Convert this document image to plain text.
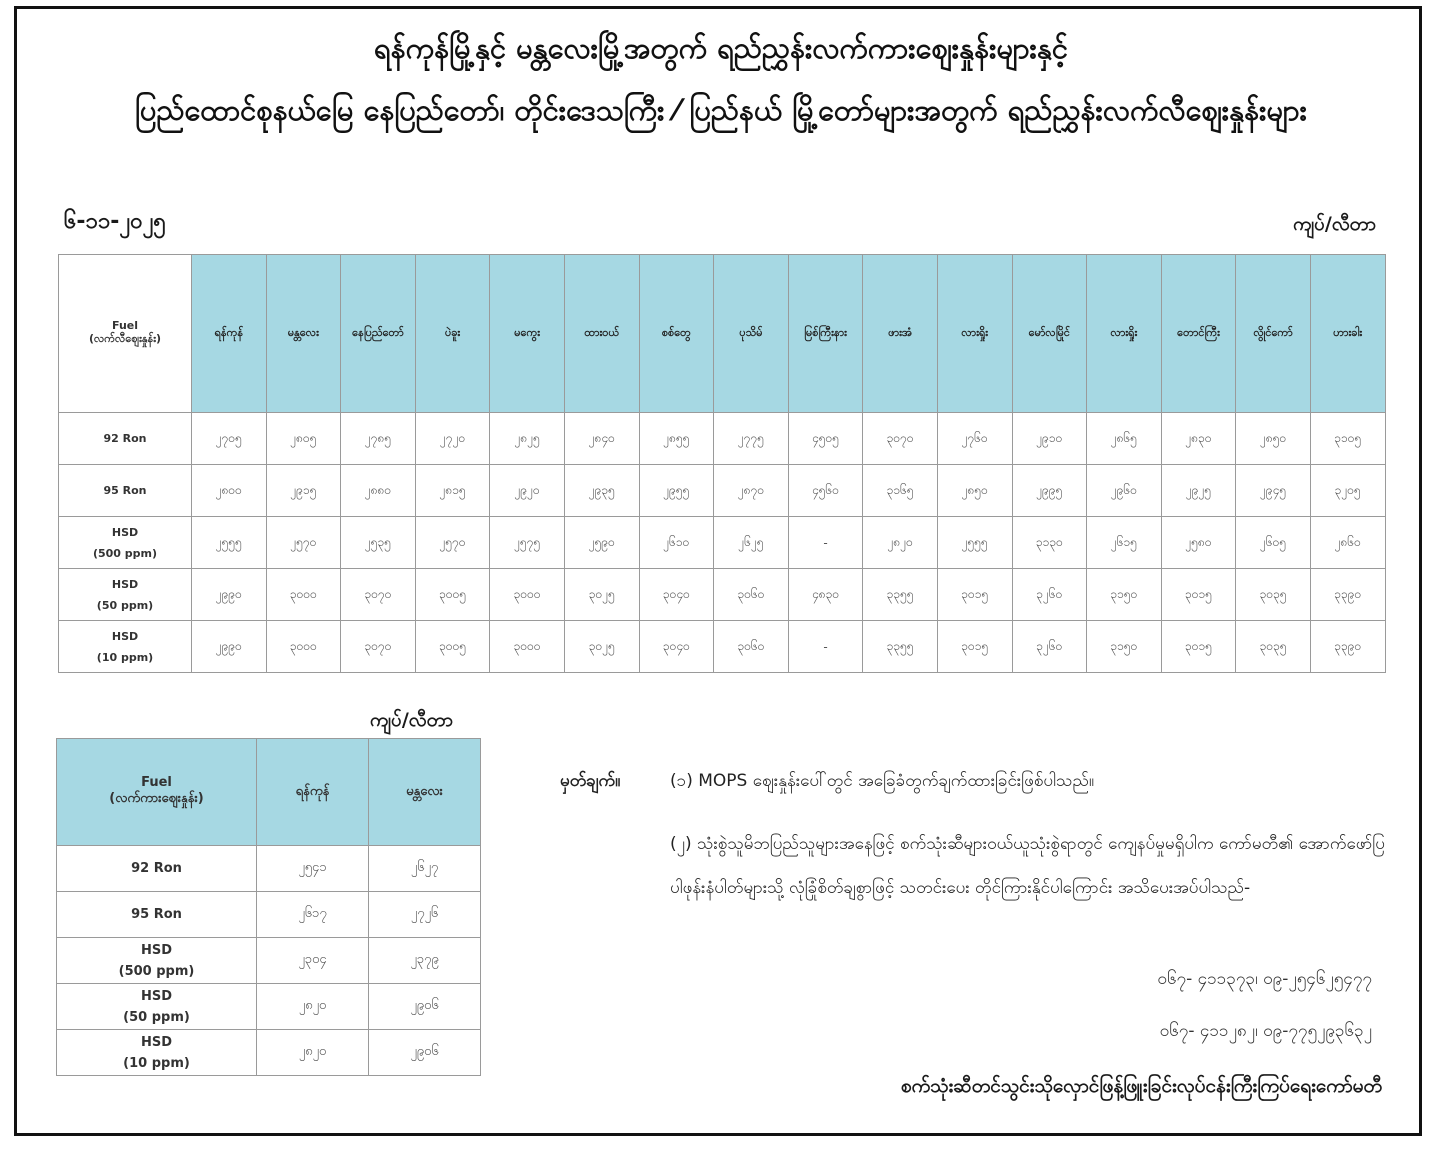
ရန်ကုန်မြို့နှင့် မန္တလေးမြို့အတွက် ရည်ညွှန်းလက်ကားဈေးနှုန်းများနှင့်
ပြည်ထောင်စုနယ်မြေ နေပြည်တော်၊ တိုင်းဒေသကြီး ⁄ ပြည်နယ် မြို့တော်များအတွက် ရည်ညွှန်းလက်လီဈေးနှုန်းများ
၆-၁၁-၂၀၂၅	ကျပ်/လီတာ
Fuel
(လက်လီဈေးနှုန်း)	ရန်ကုန်	မန္တလေး	နေပြည်တော်	ပဲခူး	မကွေး	ထားဝယ်	စစ်တွေ	ပုသိမ်	မြစ်ကြီးနား	ဖားအံ	လားရှိုး	မော်လမြိုင်	လားရှိုး	တောင်ကြီး	လွိုင်ကော်	ဟားခါး

92 Ron	၂၇၀၅	၂၈၀၅	၂၇၈၅	၂၇၂၀	၂၈၂၅	၂၈၄၀	၂၈၅၅	၂၇၇၅	၄၅၀၅	၃၀၇၀	၂၇၆၀	၂၉၁၀	၂၈၆၅	၂၈၃၀	၂၈၅၀	၃၁၀၅

95 Ron	၂၈၀၀	၂၉၁၅	၂၈၈၀	၂၈၁၅	၂၉၂၀	၂၉၃၅	၂၉၅၅	၂၈၇၀	၄၅၆၀	၃၁၆၅	၂၈၅၀	၂၉၉၅	၂၉၆၀	၂၉၂၅	၂၉၄၅	၃၂၀၅

HSD
(500 ppm)	၂၅၅၅	၂၅၇၀	၂၅၃၅	၂၅၇၀	၂၅၇၅	၂၅၉၀	၂၆၁၀	၂၆၂၅	-	၂၈၂၀	၂၅၅၅	၃၁၃၀	၂၆၁၅	၂၅၈၀	၂၆၀၅	၂၈၆၀

HSD
(50 ppm)	၂၉၉၀	၃၀၀၀	၃၀၇၀	၃၀၀၅	၃၀၀၀	၃၀၂၅	၃၀၄၀	၃၀၆၀	၄၈၃၀	၃၃၅၅	၃၀၁၅	၃၂၆၀	၃၁၅၀	၃၀၁၅	၃၀၃၅	၃၃၉၀

HSD
(10 ppm)	၂၉၉၀	၃၀၀၀	၃၀၇၀	၃၀၀၅	၃၀၀၀	၃၀၂၅	၃၀၄၀	၃၀၆၀	-	၃၃၅၅	၃၀၁၅	၃၂၆၀	၃၁၅၀	၃၀၁၅	၃၀၃၅	၃၃၉၀
ကျပ်/လီတာ
Fuel
(လက်ကားဈေးနှုန်း)	ရန်ကုန်	မန္တလေး

92 Ron	၂၅၄၁	၂၆၂၇

95 Ron	၂၆၁၇	၂၇၂၆

HSD
(500 ppm)	၂၃၀၄	၂၃၇၉

HSD
(50 ppm)	၂၈၂၀	၂၉၀၆

HSD
(10 ppm)	၂၈၂၀	၂၉၀၆
မှတ်ချက်။	(၁) MOPS ဈေးနှုန်းပေါ်တွင် အခြေခံတွက်ချက်ထားခြင်းဖြစ်ပါသည်။
(၂) သုံးစွဲသူမိဘပြည်သူများအနေဖြင့် စက်သုံးဆီများဝယ်ယူသုံးစွဲရာတွင် ကျေနပ်မှုမရှိပါက ကော်မတီ၏ အောက်ဖော်ပြပါဖုန်းနံပါတ်များသို့ လုံခြုံစိတ်ချစွာဖြင့် သတင်းပေး တိုင်ကြားနိုင်ပါကြောင်း အသိပေးအပ်ပါသည်-
၀၆၇- ၄၁၁၃၇၃၊ ၀၉-၂၅၄၆၂၅၄၇၇
၀၆၇- ၄၁၁၂၈၂၊ ၀၉-၇၇၅၂၉၃၆၃၂
စက်သုံးဆီတင်သွင်းသိုလှောင်ဖြန့်ဖြူးခြင်းလုပ်ငန်းကြီးကြပ်ရေးကော်မတီ
